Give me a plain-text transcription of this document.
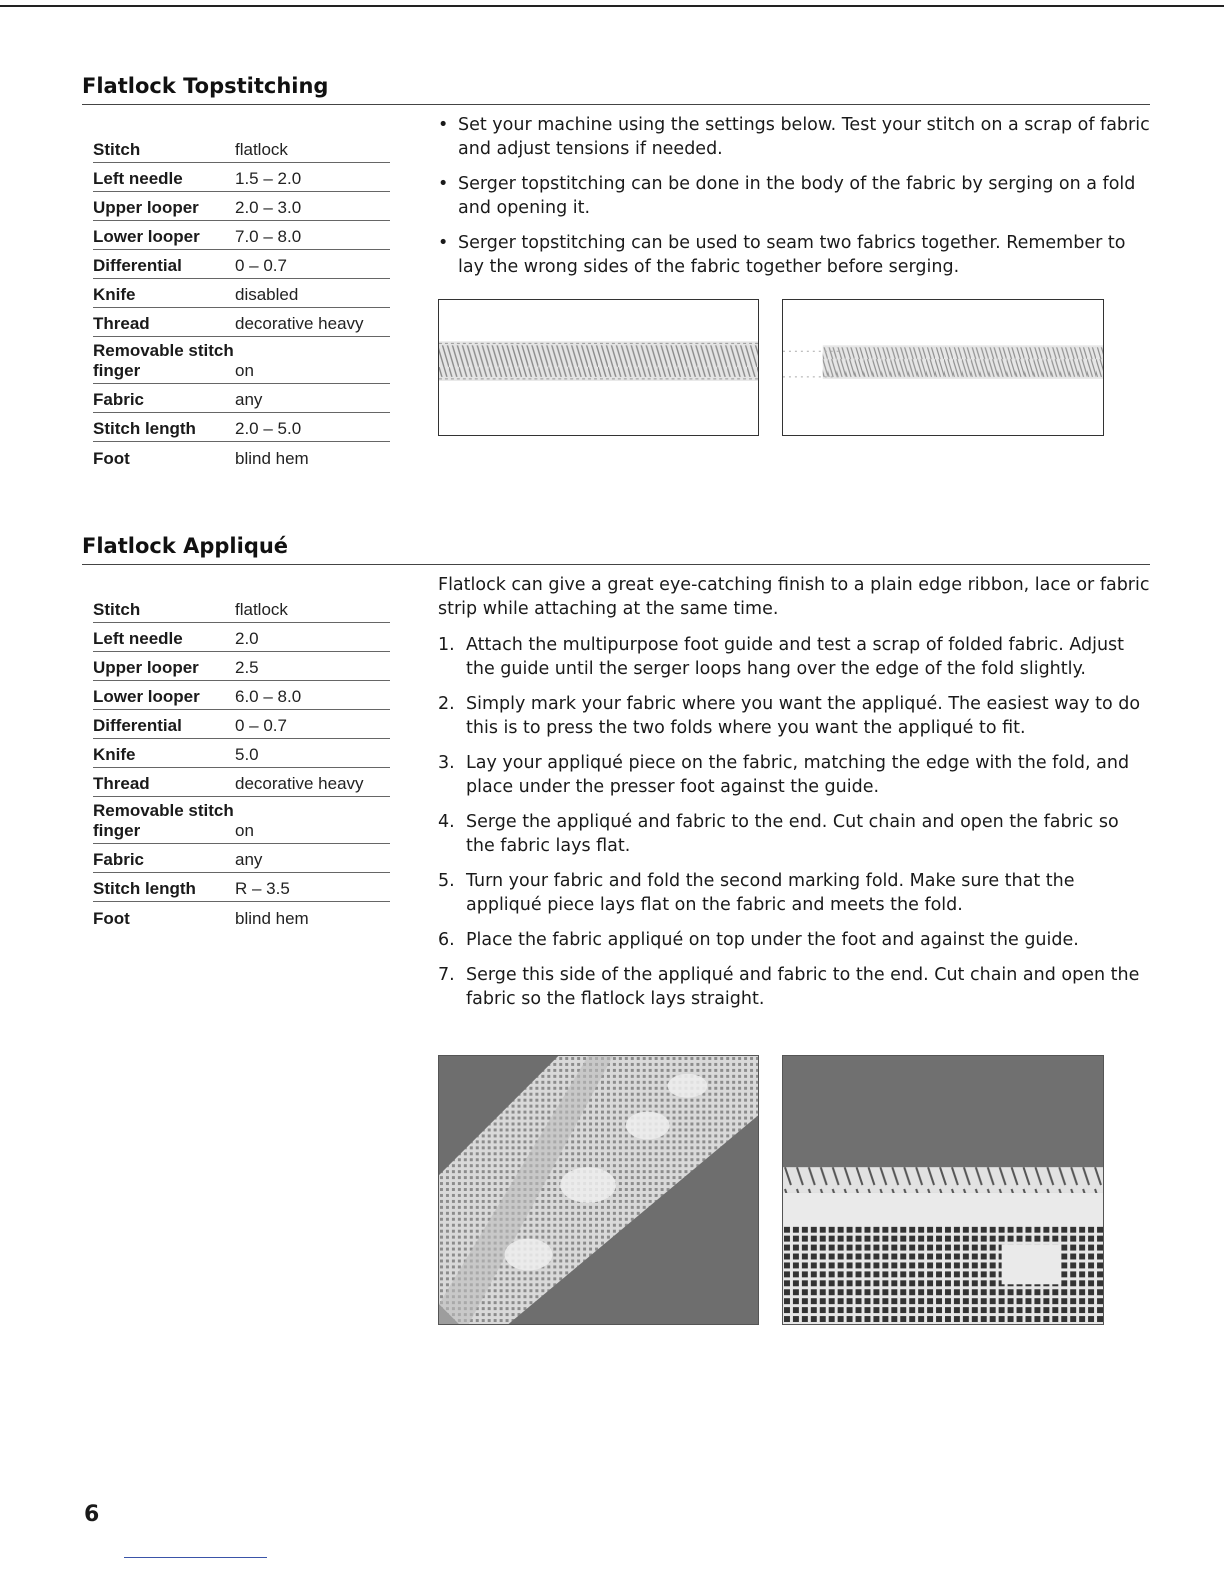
Flatlock Topstitching
Stitch	flatlock
Left needle	1.5 – 2.0
Upper looper	2.0 – 3.0
Lower looper	7.0 – 8.0
Differential	0 – 0.7
Knife	disabled
Thread	decorative heavy
Removable stitch finger	on
Fabric	any
Stitch length	2.0 – 5.0
Foot	blind hem
• Set your machine using the settings below. Test your stitch on a scrap of fabric and adjust tensions if needed.
• Serger topstitching can be done in the body of the fabric by serging on a fold and opening it.
• Serger topstitching can be used to seam two fabrics together. Remember to lay the wrong sides of the fabric together before serging.
Flatlock Appliqué
Stitch	flatlock
Left needle	2.0
Upper looper	2.5
Lower looper	6.0 – 8.0
Differential	0 – 0.7
Knife	5.0
Thread	decorative heavy
Removable stitch finger	on
Fabric	any
Stitch length	R – 3.5
Foot	blind hem

Flatlock can give a great eye-catching finish to a plain edge ribbon, lace or fabric strip while attaching at the same time.

1. Attach the multipurpose foot guide and test a scrap of folded fabric. Adjust the guide until the serger loops hang over the edge of the fold slightly.
2. Simply mark your fabric where you want the appliqué. The easiest way to do this is to press the two folds where you want the appliqué to fit.
3. Lay your appliqué piece on the fabric, matching the edge with the fold, and place under the presser foot against the guide.
4. Serge the appliqué and fabric to the end. Cut chain and open the fabric so the fabric lays flat.
5. Turn your fabric and fold the second marking fold. Make sure that the appliqué piece lays flat on the fabric and meets the fold.
6. Place the fabric appliqué on top under the foot and against the guide.
7. Serge this side of the appliqué and fabric to the end. Cut chain and open the fabric so the flatlock lays straight.
6
